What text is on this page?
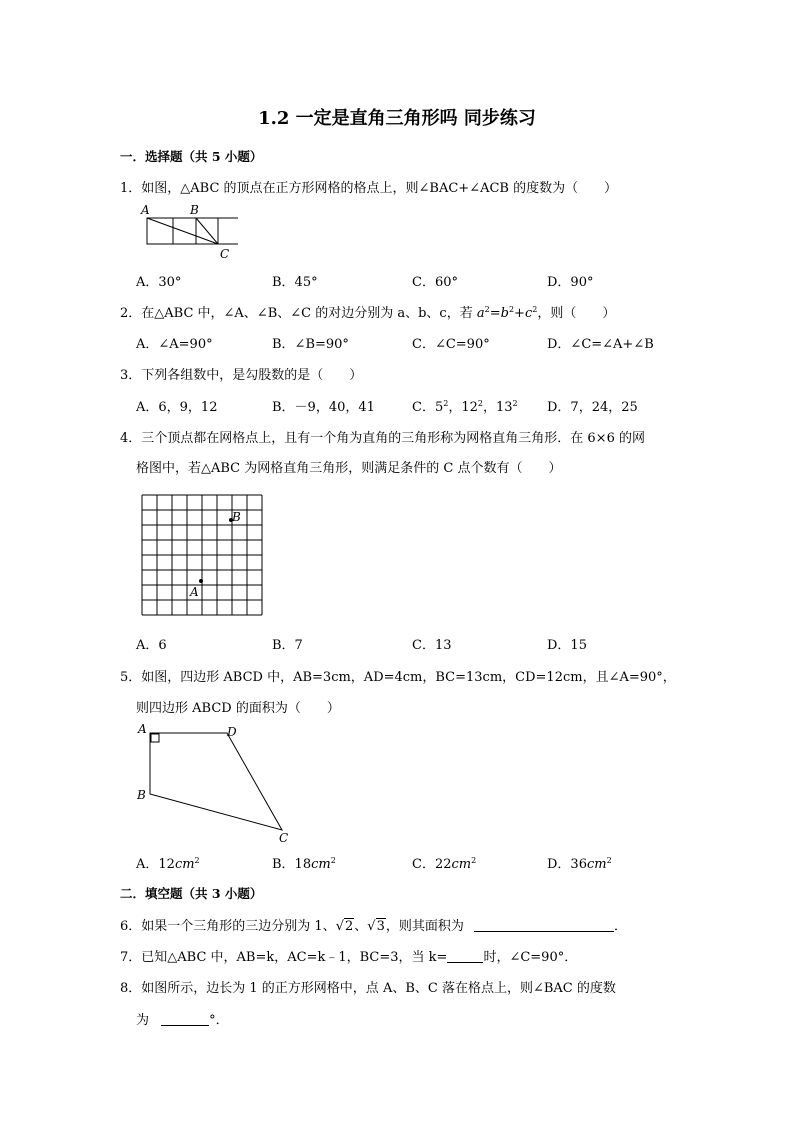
1.2 一定是直角三角形吗 同步练习
一．选择题（共 5 小题）
1．如图，△ABC 的顶点在正方形网格的格点上，则∠BAC+∠ACB 的度数为（　　）
A	B
C
A．30°	B．45°	C．60°	D．90°
2．在△ABC 中，∠A、∠B、∠C 的对边分别为 a、b、c，若 $a^2=b^2+c^2$，则（　　）
A．∠A=90°	B．∠B=90°	C．∠C=90°	D．∠C=∠A+∠B
3．下列各组数中，是勾股数的是（　　）
A．6，9，12	B．－9，40，41	C．$5^2$，$12^2$，$13^2$ D．7，24，25
4．三个顶点都在网格点上，且有一个角为直角的三角形称为网格直角三角形．在 6×6 的网
格图中，若△ABC 为网格直角三角形，则满足条件的 C 点个数有（　　）
B
A
A．6	B．7	C．13	D．15
5．如图，四边形 ABCD 中，AB=3cm，AD=4cm，BC=13cm，CD=12cm，且∠A=90°，
则四边形 ABCD 的面积为（　　）
A	D
B
C
A．$12cm^2$	B．$18cm^2$	C．$22cm^2$	D．$36cm^2$
二．填空题（共 3 小题）
6．如果一个三角形的三边分别为 1、√2、√3，则其面积为	．
7．已知△ABC 中，AB=k，AC=k﹣1，BC=3，当 k=	时，∠C=90°．
8．如图所示，边长为 1 的正方形网格中，点 A、B、C 落在格点上，则∠BAC 的度数
为	°．
